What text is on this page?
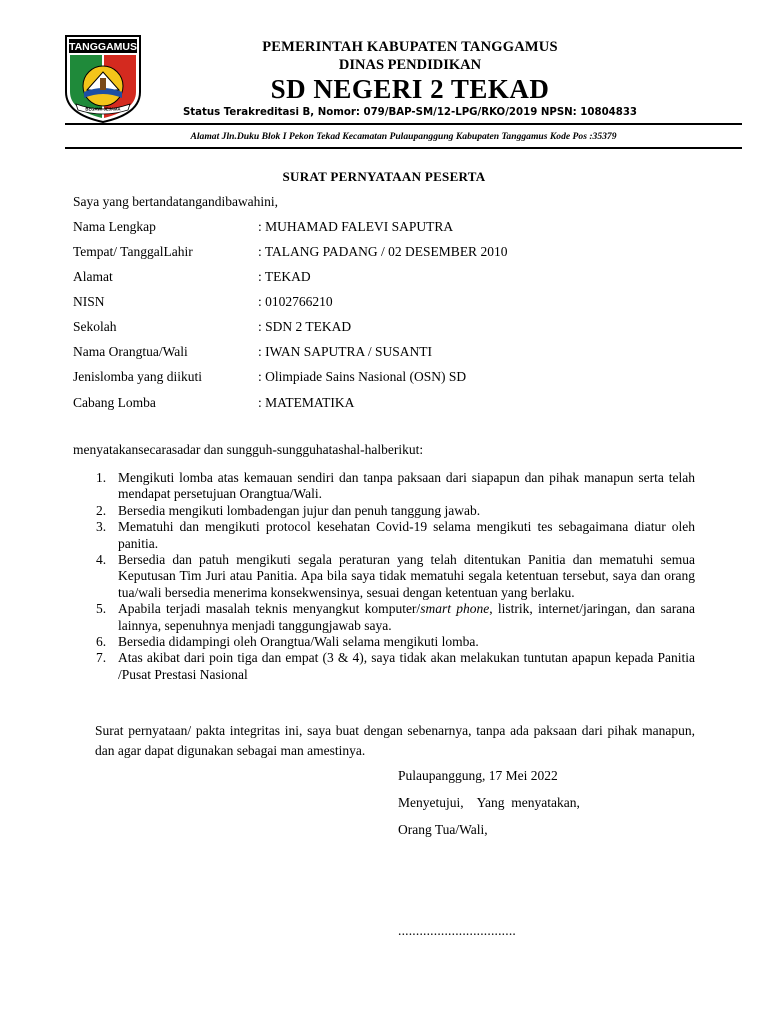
TANGGAMUS
BEGAWI JEJAMA
PEMERINTAH KABUPATEN TANGGAMUS
DINAS PENDIDIKAN
SD NEGERI 2 TEKAD
Status Terakreditasi B, Nomor: 079/BAP-SM/12-LPG/RKO/2019 NPSN: 10804833
Alamat Jln.Duku Blok I Pekon Tekad Kecamatan Pulaupanggung Kabupaten Tanggamus Kode Pos :35379
SURAT PERNYATAAN PESERTA
Saya yang bertandatangandibawahini,
Nama Lengkap	: MUHAMAD FALEVI SAPUTRA
Tempat/ TanggalLahir	: TALANG PADANG / 02 DESEMBER 2010
Alamat	: TEKAD
NISN	: 0102766210
Sekolah	: SDN 2 TEKAD
Nama Orangtua/Wali	: IWAN SAPUTRA / SUSANTI
Jenislomba yang diikuti	: Olimpiade Sains Nasional (OSN) SD
Cabang Lomba	: MATEMATIKA
menyatakansecarasadar dan sungguh-sungguhatashal-halberikut:
1. Mengikuti lomba atas kemauan sendiri dan tanpa paksaan dari siapapun dan pihak manapun serta telah mendapat persetujuan Orangtua/Wali.
2. Bersedia mengikuti lombadengan jujur dan penuh tanggung jawab.
3. Mematuhi dan mengikuti protocol kesehatan Covid-19 selama mengikuti tes sebagaimana diatur oleh panitia.
4. Bersedia dan patuh mengikuti segala peraturan yang telah ditentukan Panitia dan mematuhi semua Keputusan Tim Juri atau Panitia. Apa bila saya tidak mematuhi segala ketentuan tersebut, saya dan orang tua/wali bersedia menerima konsekwensinya, sesuai dengan ketentuan yang berlaku.
5. Apabila terjadi masalah teknis menyangkut komputer/smart phone, listrik, internet/jaringan, dan sarana lainnya, sepenuhnya menjadi tanggungjawab saya.
6. Bersedia didampingi oleh Orangtua/Wali selama mengikuti lomba.
7. Atas akibat dari poin tiga dan empat (3 & 4), saya tidak akan melakukan tuntutan apapun kepada Panitia /Pusat Prestasi Nasional
Surat pernyataan/ pakta integritas ini, saya buat dengan sebenarnya, tanpa ada paksaan dari pihak manapun, dan agar dapat digunakan sebagai man amestinya.
Pulaupanggung, 17 Mei 2022
Menyetujui,    Yang  menyatakan,
Orang Tua/Wali,
.................................
